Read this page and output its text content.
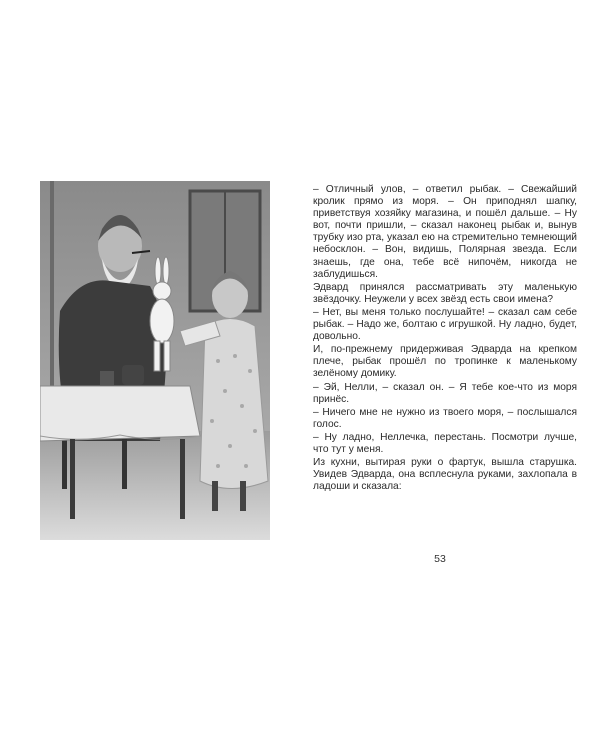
– Отличный улов, – ответил рыбак. – Свежайший кролик прямо из моря. – Он приподнял шапку, приветствуя хозяйку магазина, и пошёл дальше. – Ну вот, почти пришли, – сказал наконец рыбак и, вынув трубку изо рта, указал ею на стремительно темнеющий небосклон. – Вон, видишь, Полярная звезда. Если знаешь, где она, тебе всё нипочём, никогда не заблудишься.

Эдвард принялся рассматривать эту маленькую звёздочку. Неужели у всех звёзд есть свои имена?

– Нет, вы меня только послушайте! – сказал сам себе рыбак. – Надо же, болтаю с игрушкой. Ну ладно, будет, довольно.

И, по-прежнему придерживая Эдварда на крепком плече, рыбак прошёл по тропинке к маленькому зелёному домику.

– Эй, Нелли, – сказал он. – Я тебе кое-что из моря принёс.

– Ничего мне не нужно из твоего моря, – послышался голос.

– Ну ладно, Неллечка, перестань. Посмотри лучше, что тут у меня.

Из кухни, вытирая руки о фартук, вышла старушка. Увидев Эдварда, она всплеснула руками, захлопала в ладоши и сказала:

53
